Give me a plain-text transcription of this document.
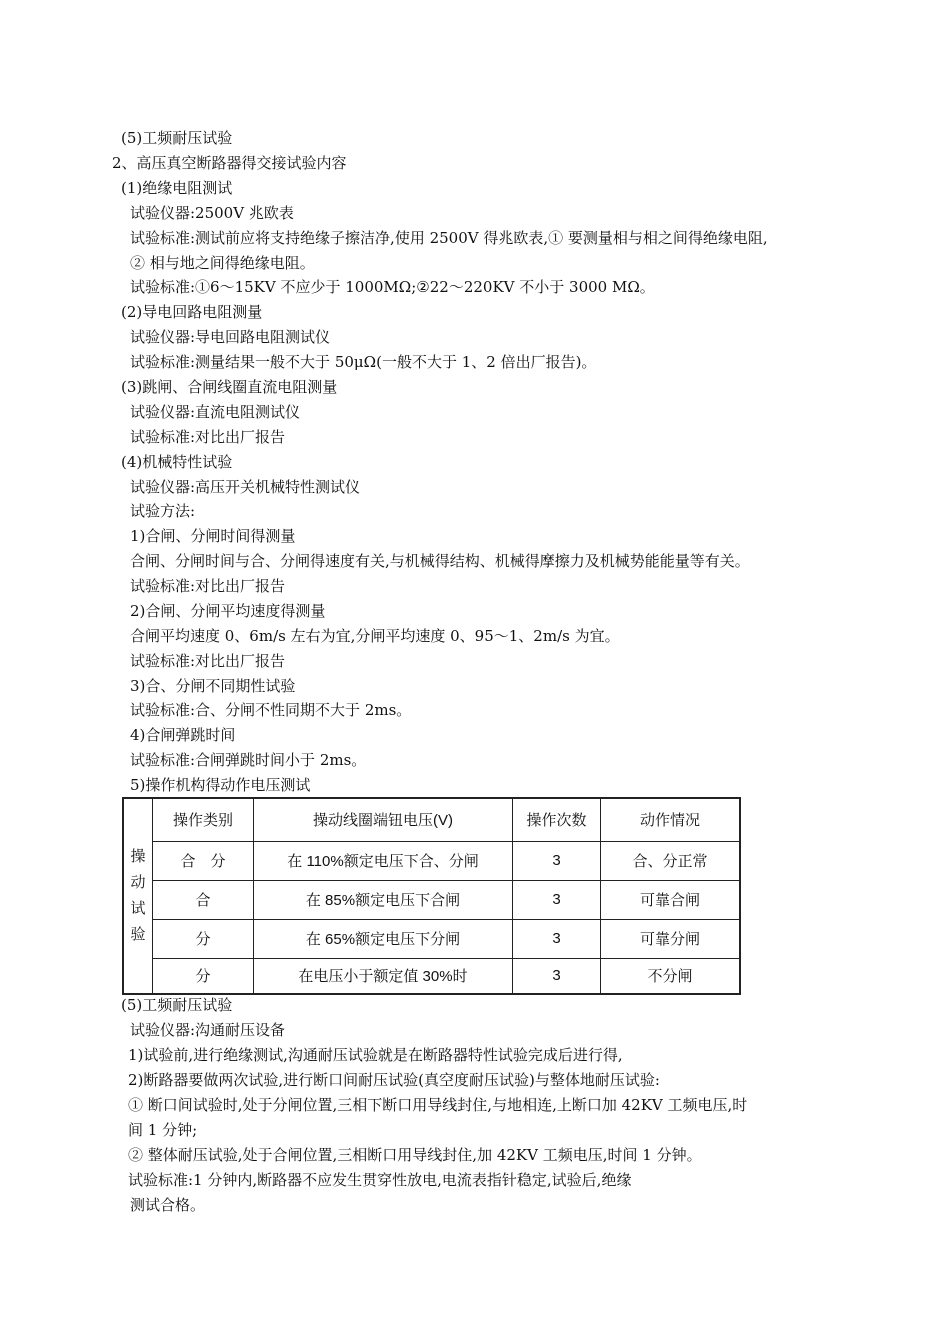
(5)工频耐压试验
2、高压真空断路器得交接试验内容
(1)绝缘电阻测试
试验仪器:2500V 兆欧表
试验标准:测试前应将支持绝缘子擦洁净,使用 2500V 得兆欧表,① 要测量相与相之间得绝缘电阻,
② 相与地之间得绝缘电阻。
试验标准:①6～15KV 不应少于 1000MΩ;②22～220KV 不小于 3000 MΩ。
(2)导电回路电阻测量
试验仪器:导电回路电阻测试仪
试验标准:测量结果一般不大于 50μΩ(一般不大于 1、2 倍出厂报告)。
(3)跳闸、合闸线圈直流电阻测量
试验仪器:直流电阻测试仪
试验标准:对比出厂报告
(4)机械特性试验
试验仪器:高压开关机械特性测试仪
试验方法:
1)合闸、分闸时间得测量
合闸、分闸时间与合、分闸得速度有关,与机械得结构、机械得摩擦力及机械势能能量等有关。
试验标准:对比出厂报告
2)合闸、分闸平均速度得测量
合闸平均速度 0、6m/s 左右为宜,分闸平均速度 0、95～1、2m/s 为宜。
试验标准:对比出厂报告
3)合、分闸不同期性试验
试验标准:合、分闸不性同期不大于 2ms。
4)合闸弹跳时间
试验标准:合闸弹跳时间小于 2ms。
5)操作机构得动作电压测试
操动试验	操作类别	操动线圈端钮电压(V)	操作次数	动作情况
	合　分	在 110%额定电压下合、分闸	3	合、分正常
	合	在 85%额定电压下合闸	3	可靠合闸
	分	在 65%额定电压下分闸	3	可靠分闸
	分	在电压小于额定值 30%时	3	不分闸
(5)工频耐压试验
试验仪器:沟通耐压设备
1)试验前,进行绝缘测试,沟通耐压试验就是在断路器特性试验完成后进行得,
2)断路器要做两次试验,进行断口间耐压试验(真空度耐压试验)与整体地耐压试验:
① 断口间试验时,处于分闸位置,三相下断口用导线封住,与地相连,上断口加 42KV 工频电压,时
间 1 分钟;
② 整体耐压试验,处于合闸位置,三相断口用导线封住,加 42KV 工频电压,时间 1 分钟。
试验标准:1 分钟内,断路器不应发生贯穿性放电,电流表指针稳定,试验后,绝缘
测试合格。
